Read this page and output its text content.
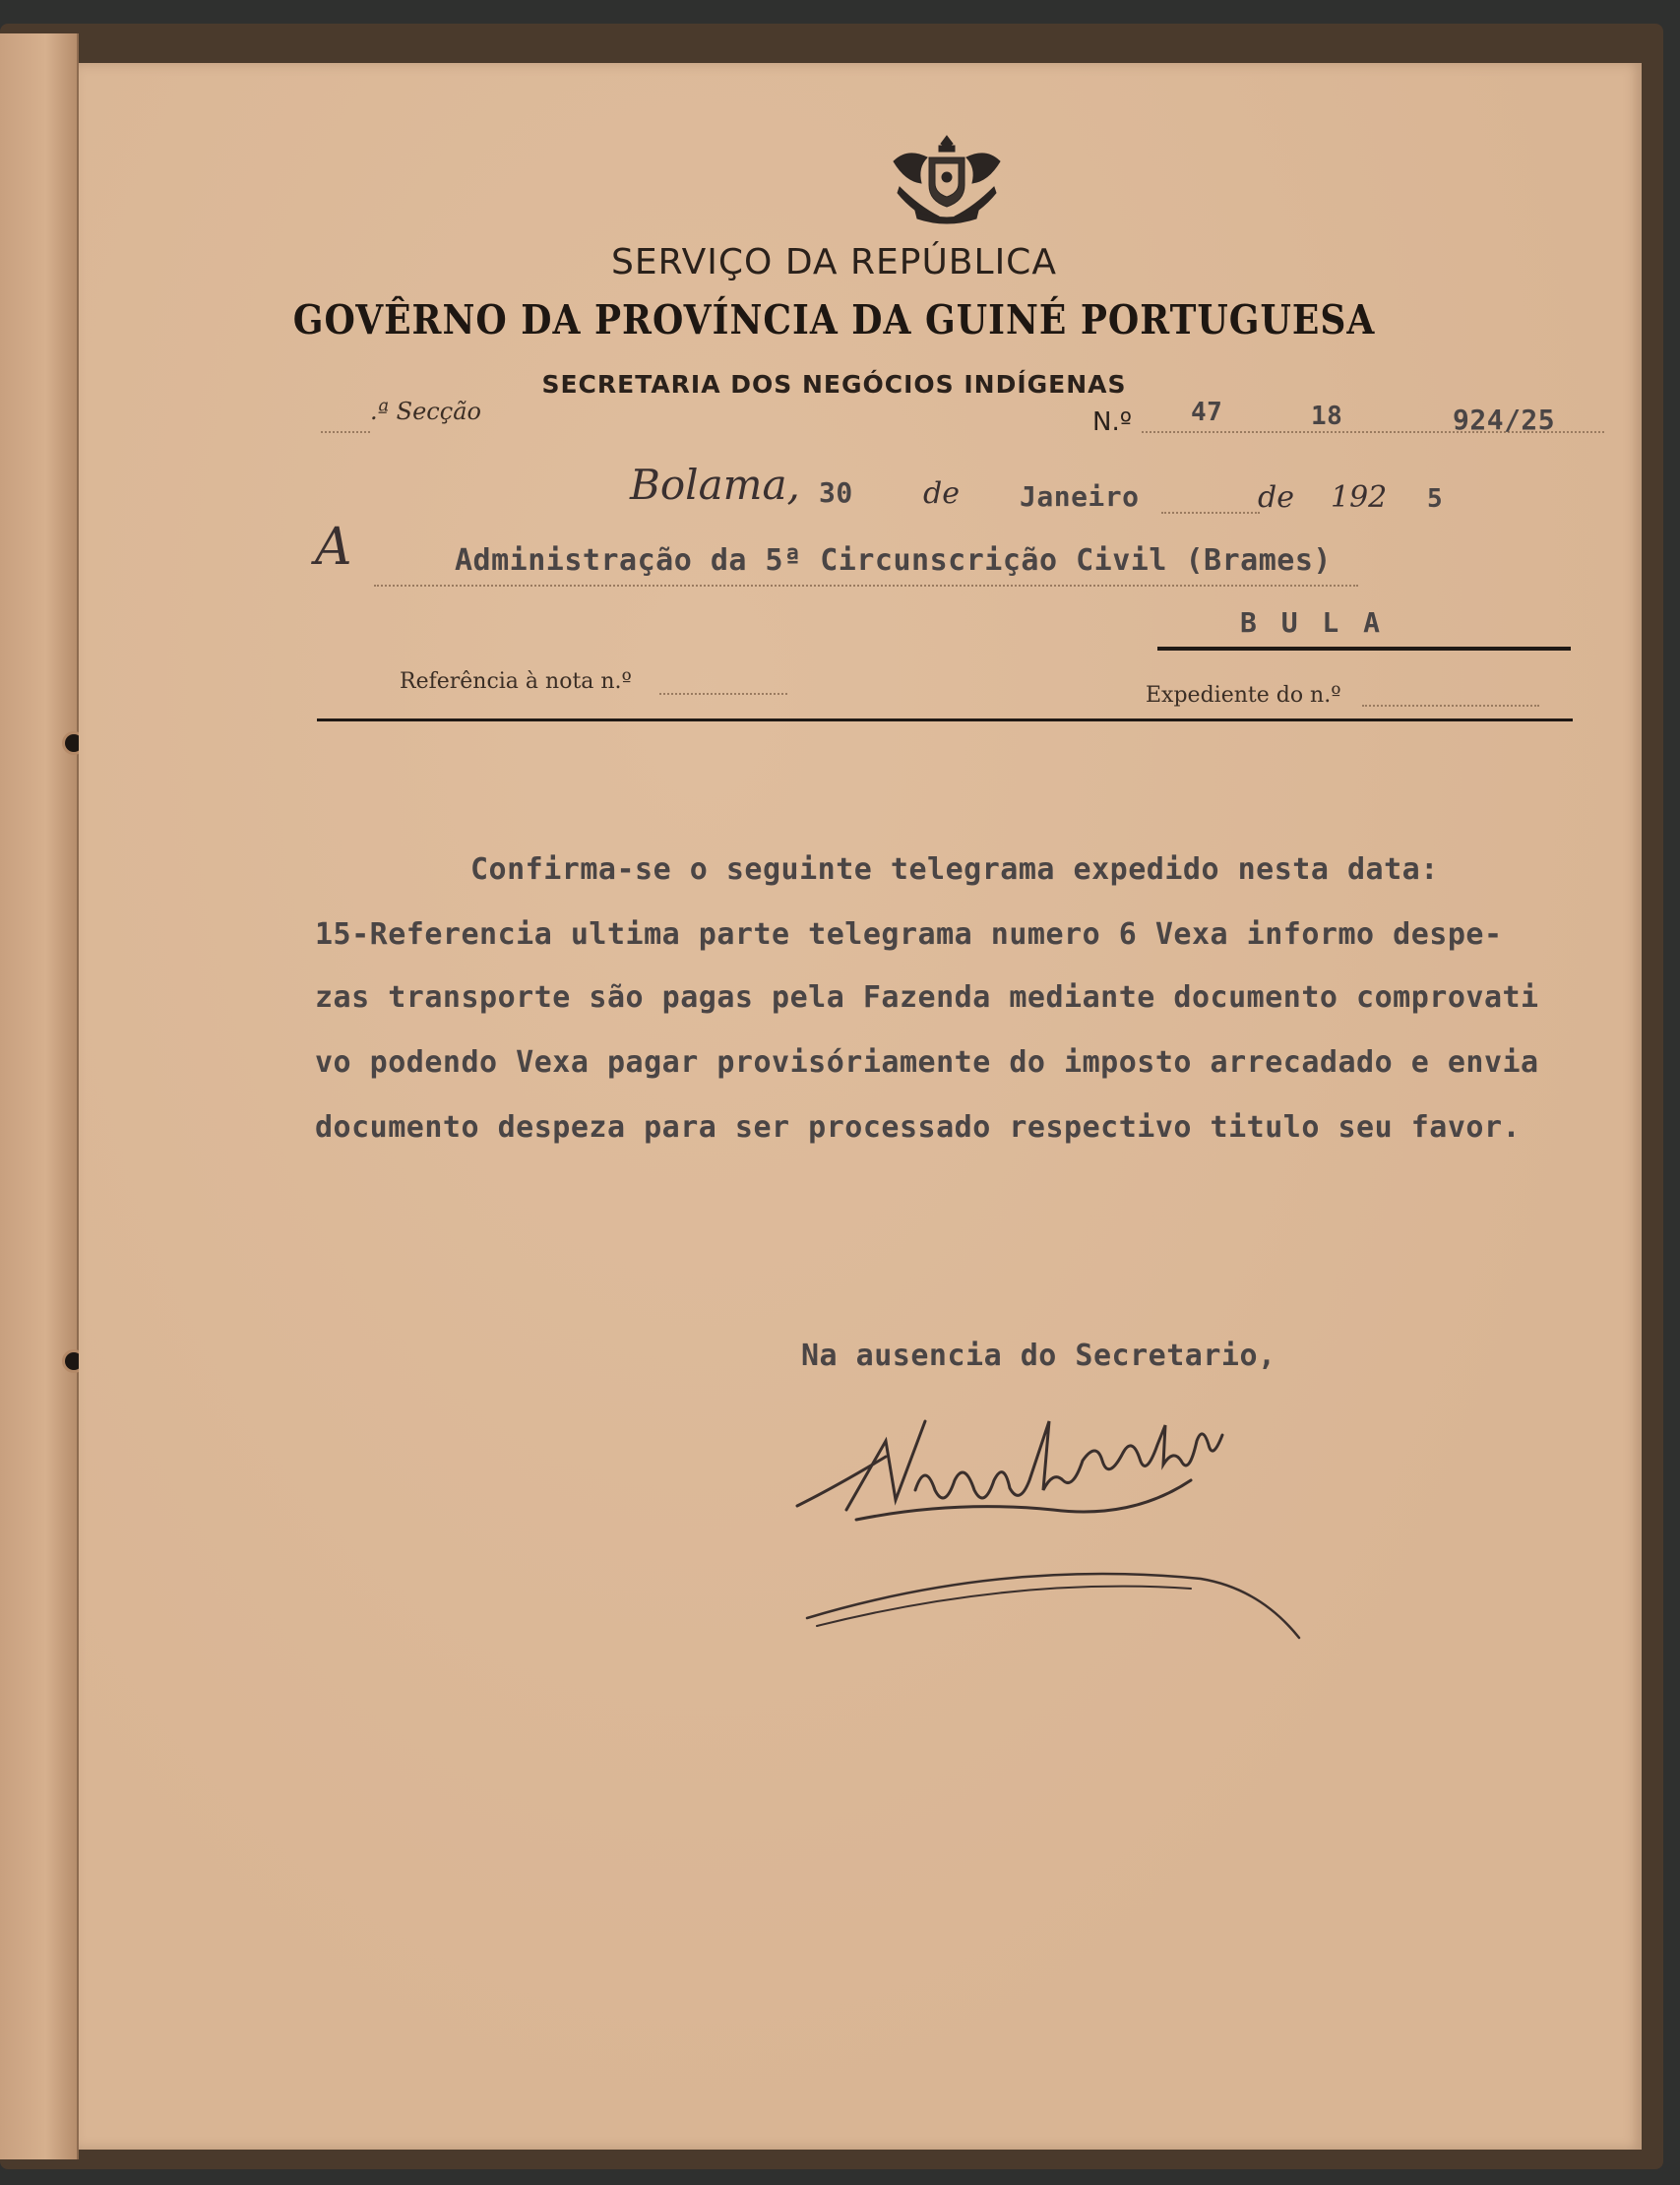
SERVIÇO DA REPÚBLICA
GOVÊRNO DA PROVÍNCIA DA GUINÉ PORTUGUESA
SECRETARIA DOS NEGÓCIOS INDÍGENAS
.ª Secção	N.º 47	18	924/25
Bolama, 30 de Janeiro	de 192 5
A	Administração da 5ª Circunscrição Civil (Brames)
B U L A
Referência à nota n.º
Expediente do n.º
Confirma-se o seguinte telegrama expedido nesta data:
15-Referencia ultima parte telegrama numero 6 Vexa informo despe-
zas transporte são pagas pela Fazenda mediante documento comprovati
vo podendo Vexa pagar provisóriamente do imposto arrecadado e envia
documento despeza para ser processado respectivo titulo seu favor.
Na ausencia do Secretario,
